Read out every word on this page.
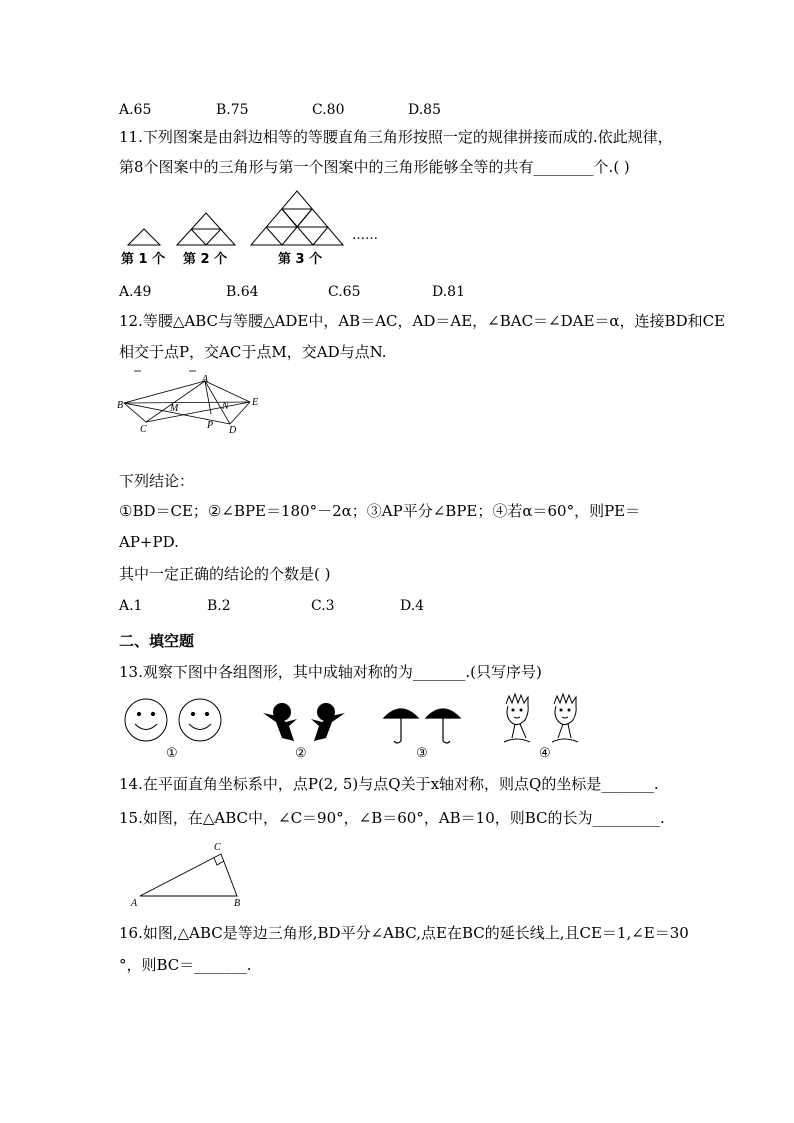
A.65	B.75	C.80	D.85
11.下列图案是由斜边相等的等腰直角三角形按照一定的规律拼接而成的.依此规律，
第8个图案中的三角形与第一个图案中的三角形能够全等的共有________个.( )
……
第 1 个 第 2 个	第 3 个
A.49	B.64	C.65	D.81
12.等腰△ABC与等腰△ADE中，AB＝AC，AD＝AE，∠BAC＝∠DAE＝α，连接BD和CE
相交于点P，交AC于点M，交AD与点N.
A
B
C	D
E
M	N
P
下列结论：
①BD＝CE；②∠BPE＝180°－2α；③AP平分∠BPE；④若α＝60°，则PE＝
AP+PD.
其中一定正确的结论的个数是( )
A.1	B.2	C.3	D.4
二、填空题
13.观察下图中各组图形，其中成轴对称的为_______.(只写序号)
①	②	③	④
14.在平面直角坐标系中，点P(2, 5)与点Q关于x轴对称，则点Q的坐标是_______.
15.如图，在△ABC中，∠C＝90°，∠B＝60°，AB＝10，则BC的长为_________.
C
A	B
16.如图,△ABC是等边三角形,BD平分∠ABC,点E在BC的延长线上,且CE＝1,∠E＝30
°，则BC＝_______.
